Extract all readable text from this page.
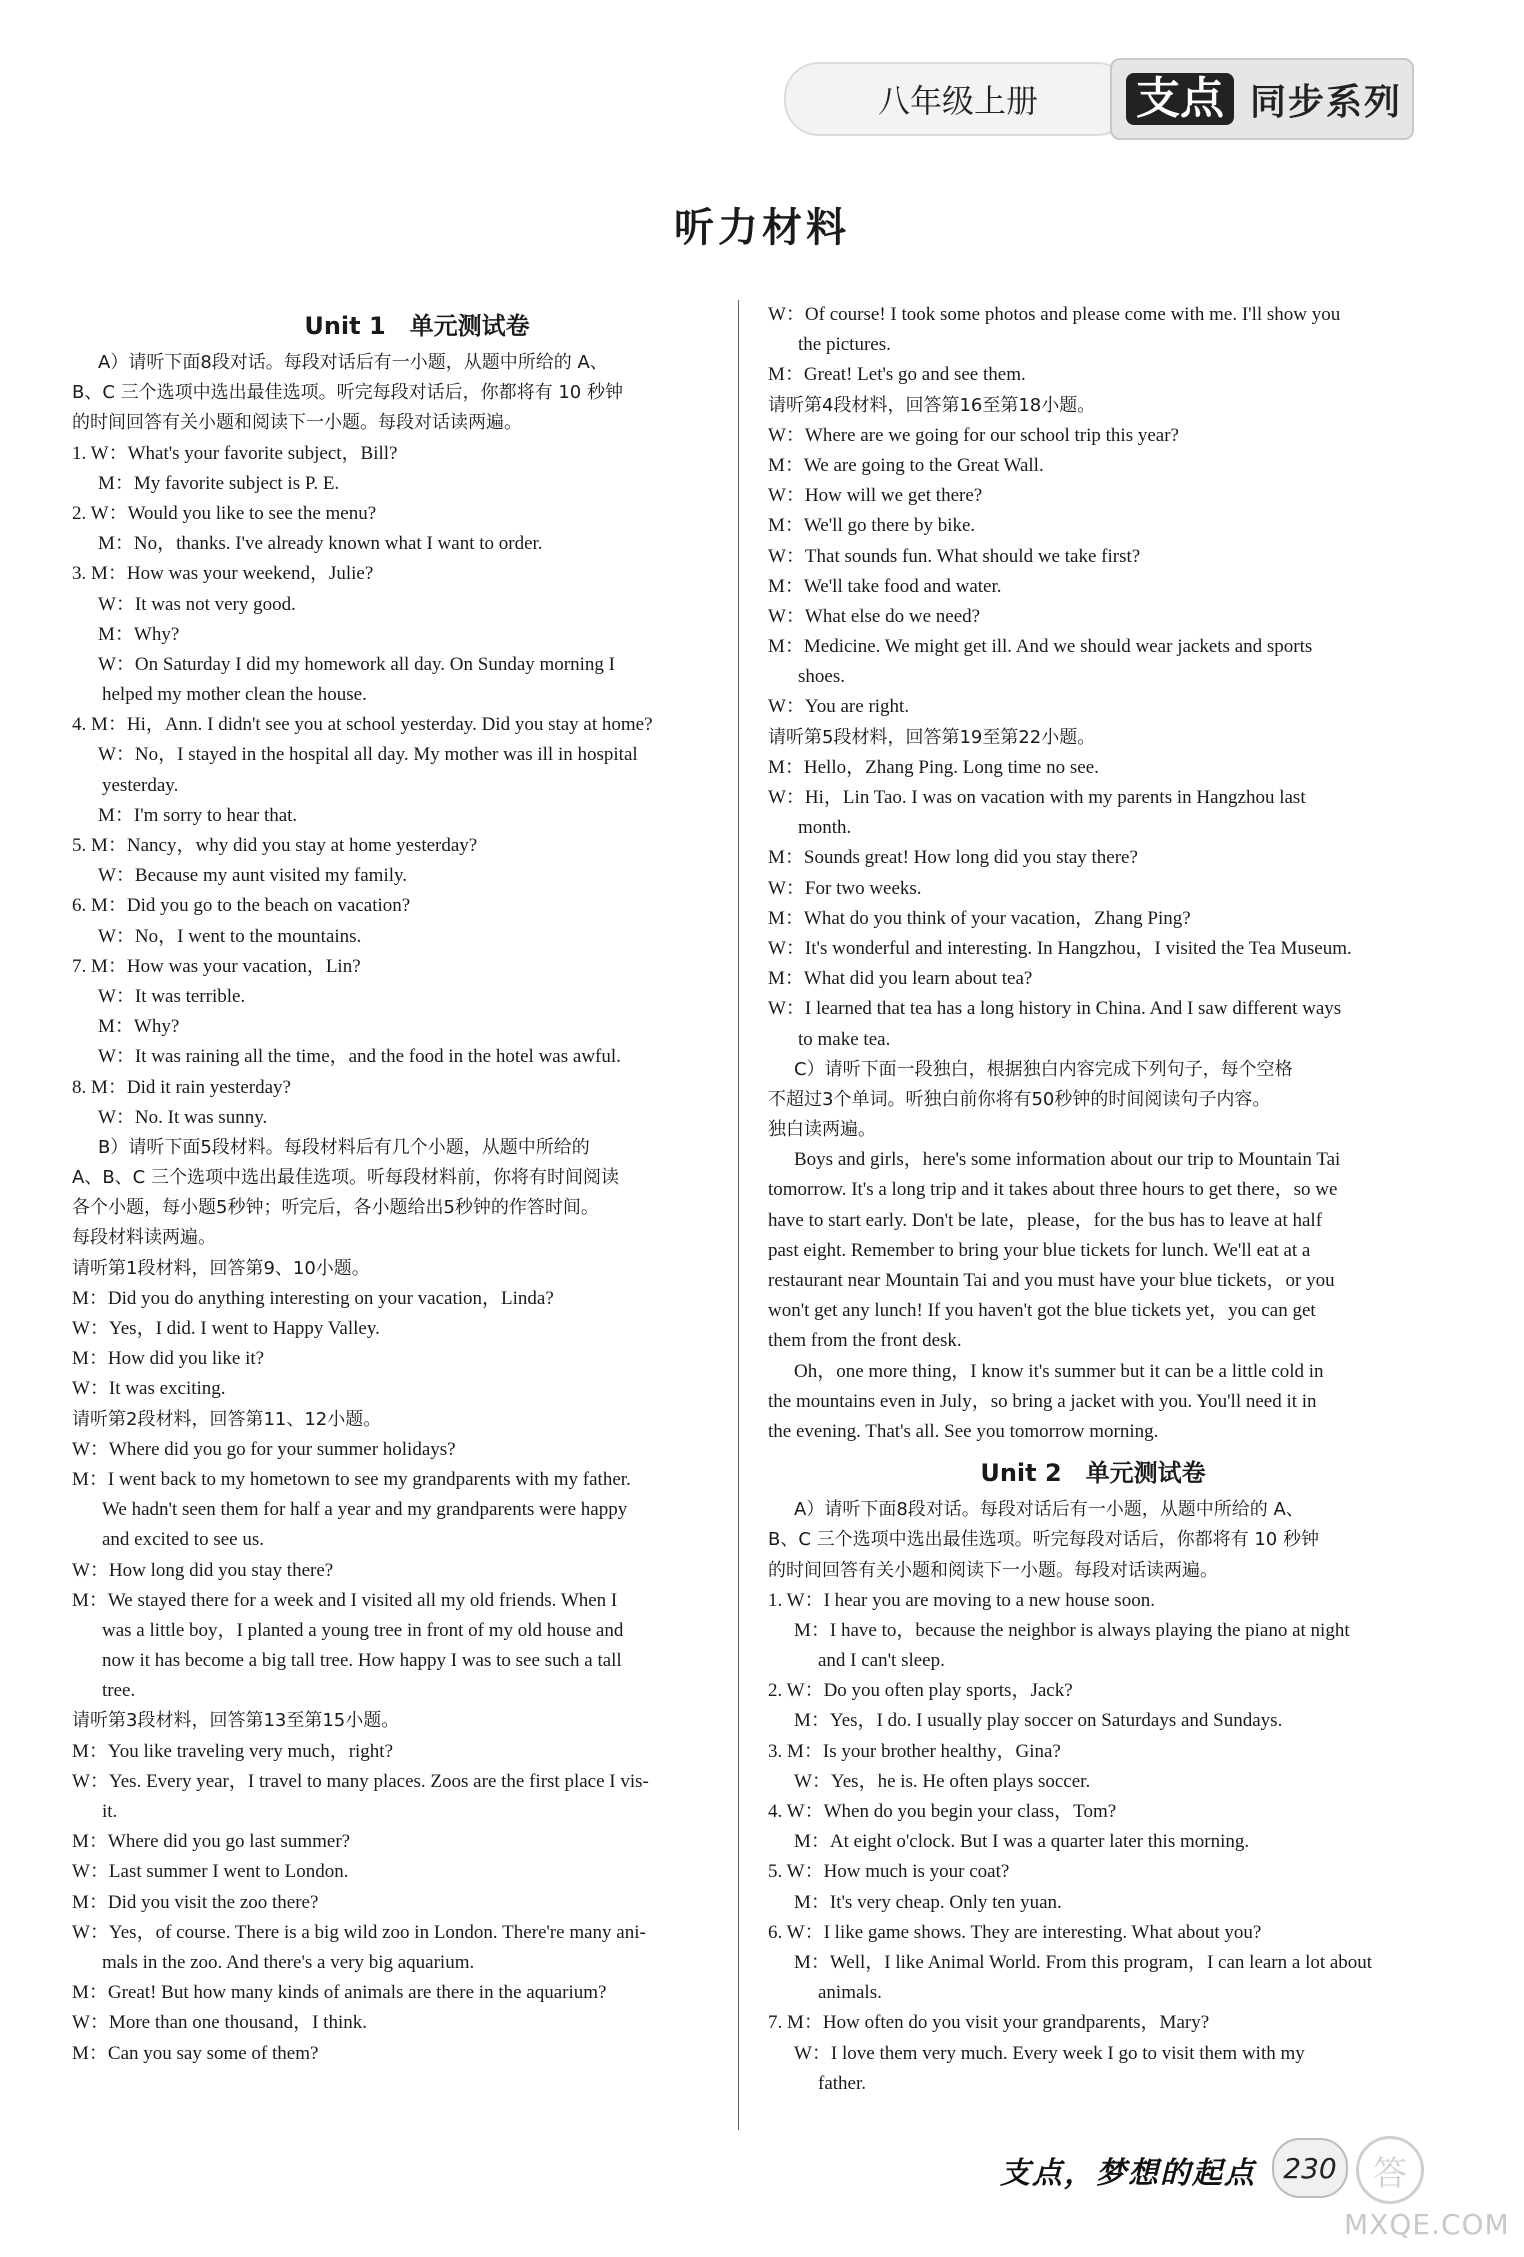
八年级上册	支点 同步系列
听力材料
Unit 1　单元测试卷
A）请听下面8段对话。每段对话后有一小题，从题中所给的 A、
B、C 三个选项中选出最佳选项。听完每段对话后，你都将有 10 秒钟
的时间回答有关小题和阅读下一小题。每段对话读两遍。
1. W：What's your favorite subject，Bill?
M：My favorite subject is P. E.
2. W：Would you like to see the menu?
M：No，thanks. I've already known what I want to order.
3. M：How was your weekend，Julie?
W：It was not very good.
M：Why?
W：On Saturday I did my homework all day. On Sunday morning I
helped my mother clean the house.
4. M：Hi，Ann. I didn't see you at school yesterday. Did you stay at home?
W：No，I stayed in the hospital all day. My mother was ill in hospital
yesterday.
M：I'm sorry to hear that.
5. M：Nancy，why did you stay at home yesterday?
W：Because my aunt visited my family.
6. M：Did you go to the beach on vacation?
W：No，I went to the mountains.
7. M：How was your vacation，Lin?
W：It was terrible.
M：Why?
W：It was raining all the time，and the food in the hotel was awful.
8. M：Did it rain yesterday?
W：No. It was sunny.
B）请听下面5段材料。每段材料后有几个小题，从题中所给的
A、B、C 三个选项中选出最佳选项。听每段材料前，你将有时间阅读
各个小题，每小题5秒钟；听完后，各小题给出5秒钟的作答时间。
每段材料读两遍。
请听第1段材料，回答第9、10小题。
M：Did you do anything interesting on your vacation，Linda?
W：Yes，I did. I went to Happy Valley.
M：How did you like it?
W：It was exciting.
请听第2段材料，回答第11、12小题。
W：Where did you go for your summer holidays?
M：I went back to my hometown to see my grandparents with my father.
We hadn't seen them for half a year and my grandparents were happy
and excited to see us.
W：How long did you stay there?
M：We stayed there for a week and I visited all my old friends. When I
was a little boy，I planted a young tree in front of my old house and
now it has become a big tall tree. How happy I was to see such a tall
tree.
请听第3段材料，回答第13至第15小题。
M：You like traveling very much，right?
W：Yes. Every year，I travel to many places. Zoos are the first place I vis-
it.
M：Where did you go last summer?
W：Last summer I went to London.
M：Did you visit the zoo there?
W：Yes，of course. There is a big wild zoo in London. There're many ani-
mals in the zoo. And there's a very big aquarium.
M：Great! But how many kinds of animals are there in the aquarium?
W：More than one thousand，I think.
M：Can you say some of them?
W：Of course! I took some photos and please come with me. I'll show you
the pictures.
M：Great! Let's go and see them.
请听第4段材料，回答第16至第18小题。
W：Where are we going for our school trip this year?
M：We are going to the Great Wall.
W：How will we get there?
M：We'll go there by bike.
W：That sounds fun. What should we take first?
M：We'll take food and water.
W：What else do we need?
M：Medicine. We might get ill. And we should wear jackets and sports
shoes.
W：You are right.
请听第5段材料，回答第19至第22小题。
M：Hello，Zhang Ping. Long time no see.
W：Hi，Lin Tao. I was on vacation with my parents in Hangzhou last
month.
M：Sounds great! How long did you stay there?
W：For two weeks.
M：What do you think of your vacation，Zhang Ping?
W：It's wonderful and interesting. In Hangzhou，I visited the Tea Museum.
M：What did you learn about tea?
W：I learned that tea has a long history in China. And I saw different ways
to make tea.
C）请听下面一段独白，根据独白内容完成下列句子，每个空格
不超过3个单词。听独白前你将有50秒钟的时间阅读句子内容。
独白读两遍。
Boys and girls，here's some information about our trip to Mountain Tai
tomorrow. It's a long trip and it takes about three hours to get there，so we
have to start early. Don't be late，please，for the bus has to leave at half
past eight. Remember to bring your blue tickets for lunch. We'll eat at a
restaurant near Mountain Tai and you must have your blue tickets，or you
won't get any lunch! If you haven't got the blue tickets yet，you can get
them from the front desk.
Oh，one more thing，I know it's summer but it can be a little cold in
the mountains even in July，so bring a jacket with you. You'll need it in
the evening. That's all. See you tomorrow morning.
Unit 2　单元测试卷
A）请听下面8段对话。每段对话后有一小题，从题中所给的 A、
B、C 三个选项中选出最佳选项。听完每段对话后，你都将有 10 秒钟
的时间回答有关小题和阅读下一小题。每段对话读两遍。
1. W：I hear you are moving to a new house soon.
M：I have to，because the neighbor is always playing the piano at night
and I can't sleep.
2. W：Do you often play sports，Jack?
M：Yes，I do. I usually play soccer on Saturdays and Sundays.
3. M：Is your brother healthy，Gina?
W：Yes，he is. He often plays soccer.
4. W：When do you begin your class，Tom?
M：At eight o'clock. But I was a quarter later this morning.
5. W：How much is your coat?
M：It's very cheap. Only ten yuan.
6. W：I like game shows. They are interesting. What about you?
M：Well，I like Animal World. From this program，I can learn a lot about
animals.
7. M：How often do you visit your grandparents，Mary?
W：I love them very much. Every week I go to visit them with my
father.
支点，梦想的起点 230	答
MXQE.COM
